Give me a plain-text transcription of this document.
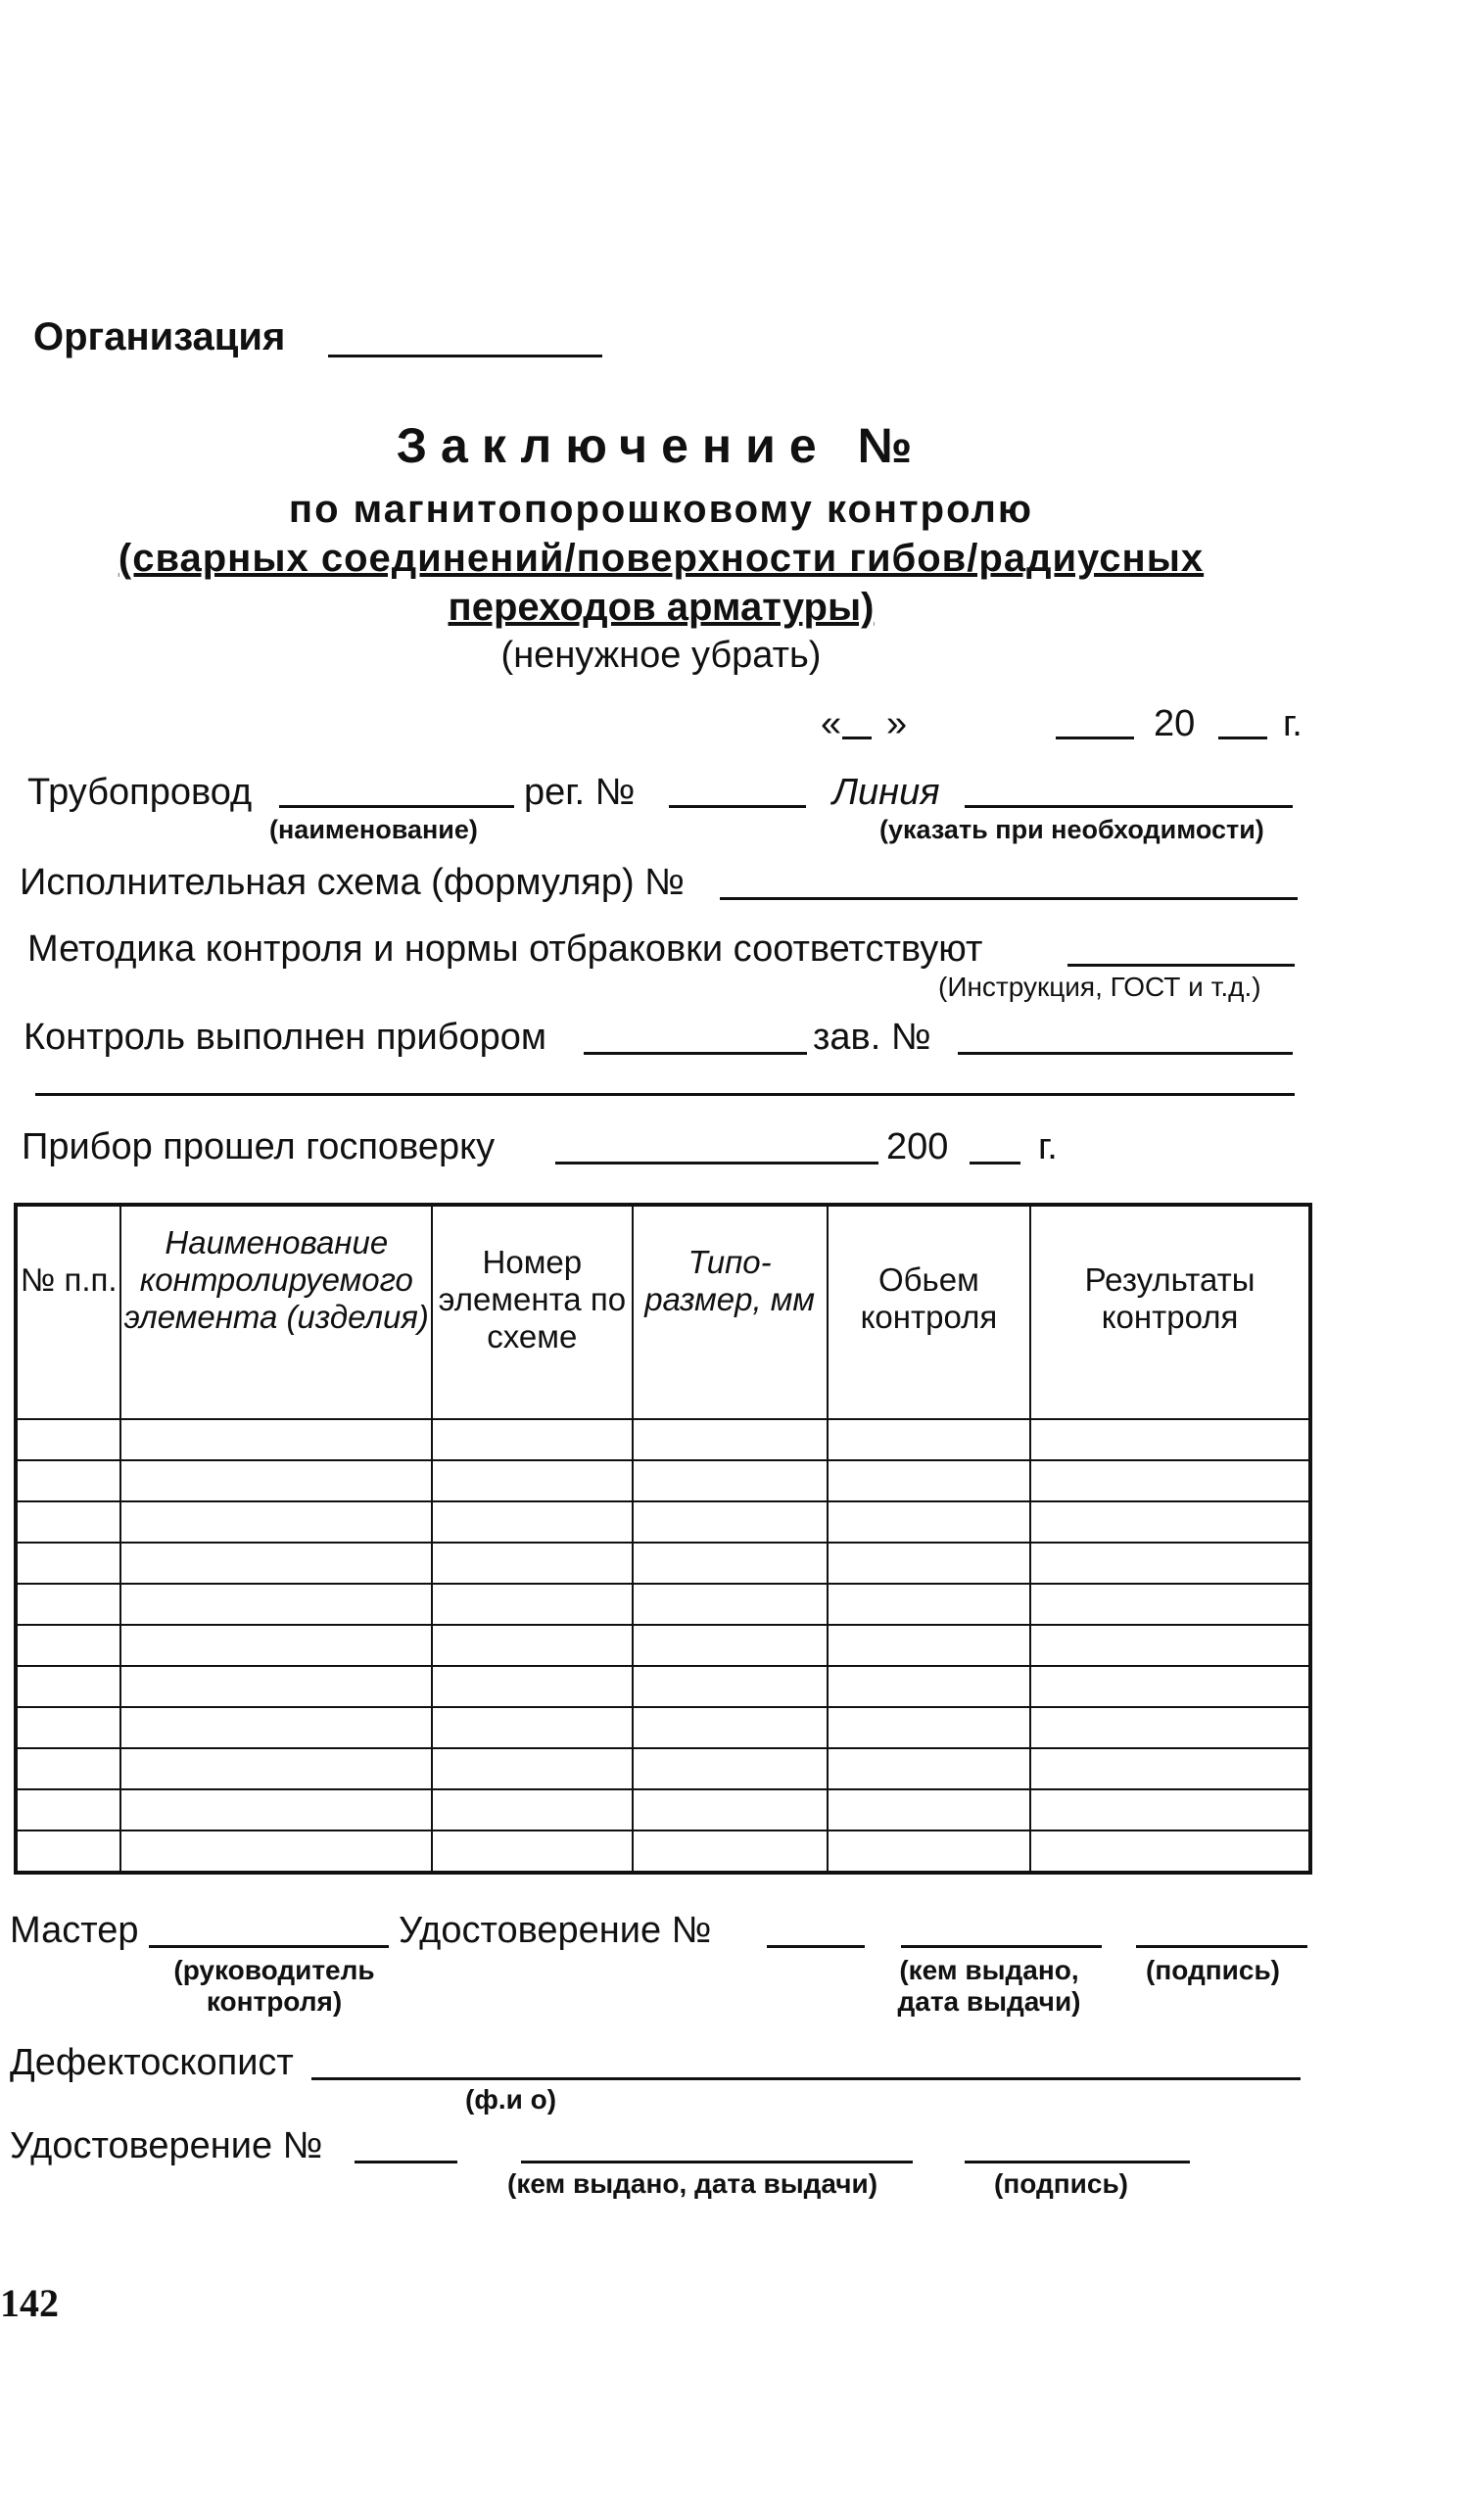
Организация
Заключение №
по магнитопорошковому контролю
(сварных соединений/поверхности гибов/радиусных
переходов арматуры)
(ненужное убрать)
« »	20 г.
Трубопровод
(наименование)
рег. №	Линия
(указать при необходимости)
Исполнительная схема (формуляр) №
Методика контроля и нормы отбраковки соответствуют
(Инструкция, ГОСТ и т.д.)
Контроль выполнен прибором	зав. №
Прибор прошел госповерку	200 г.
№ п.п.	Наименование контролируемого элемента (изделия)	Номер элемента по схеме	Типо-размер, мм	Обьем контроля	Результаты контроля

Мастер
(руководитель контроля)
Удостоверение №
(кем выдано, дата выдачи)
(подпись)
Дефектоскопист
(ф.и о)
Удостоверение №
(кем выдано, дата выдачи)	(подпись)
142
